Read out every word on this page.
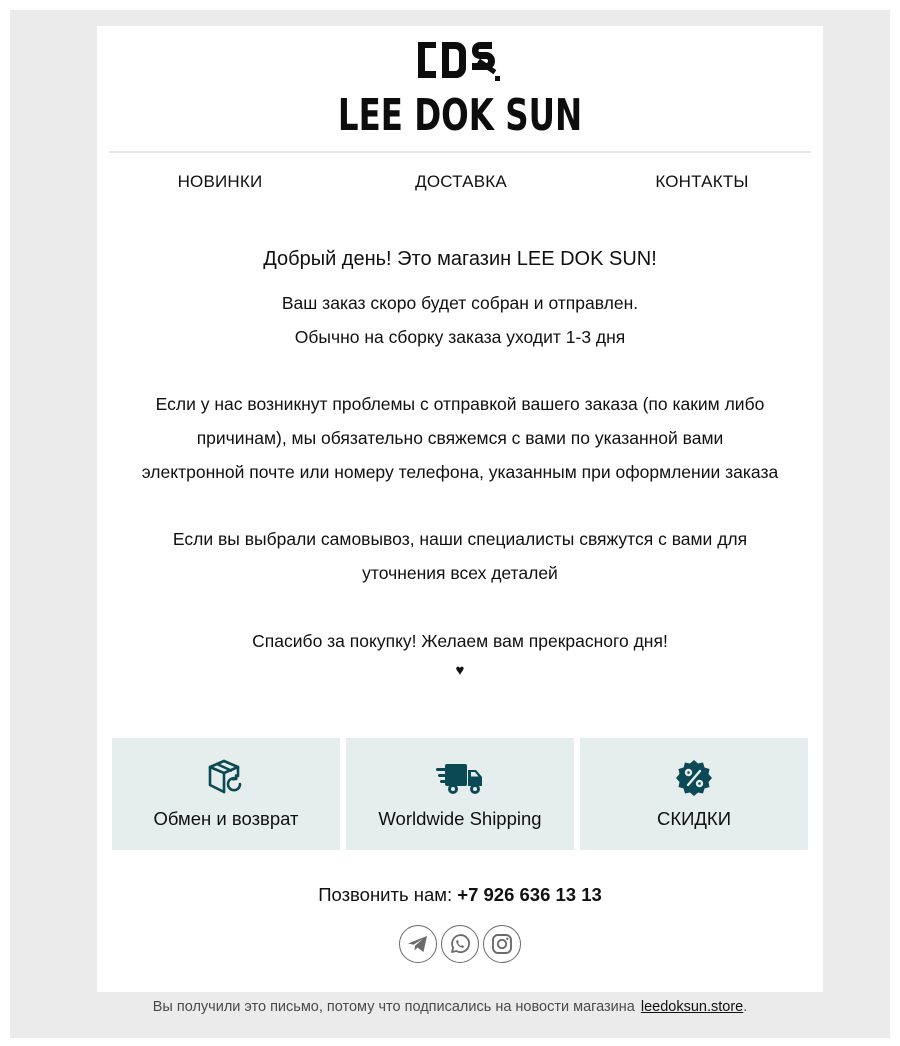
LEE DOK SUN
НОВИНКИ	ДОСТАВКА	КОНТАКТЫ
Добрый день! Это магазин LEE DOK SUN!
Ваш заказ скоро будет собран и отправлен.
Обычно на сборку заказа уходит 1-3 дня
Если у нас возникнут проблемы с отправкой вашего заказа (по каким либо
причинам), мы обязательно свяжемся с вами по указанной вами
электронной почте или номеру телефона, указанным при оформлении заказа
Если вы выбрали самовывоз, наши специалисты свяжутся с вами для
уточнения всех деталей
Спасибо за покупку! Желаем вам прекрасного дня!
♥
Обмен и возврат	Worldwide Shipping	СКИДКИ
Позвонить нам: +7 926 636 13 13
Вы получили это письмо, потому что подписались на новости магазина leedoksun.store.
